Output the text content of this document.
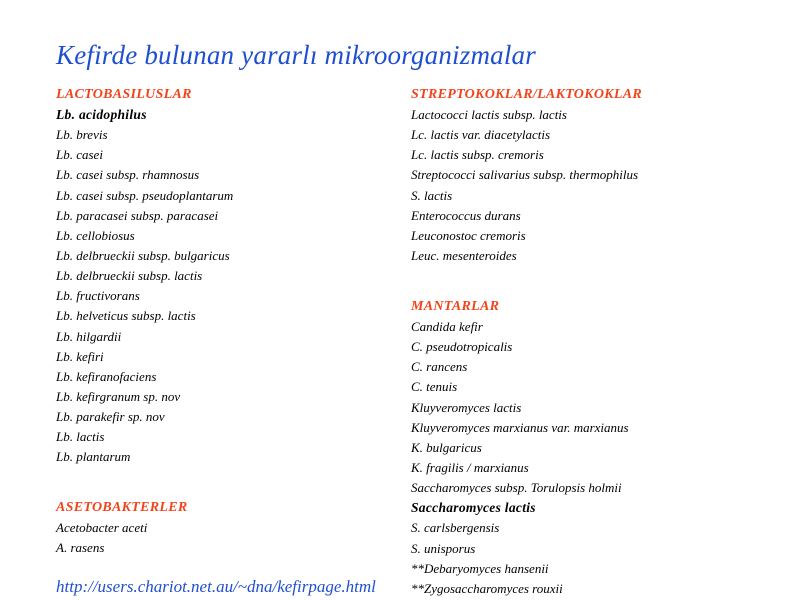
Kefirde bulunan yararlı mikroorganizmalar
LACTOBASILUSLAR
Lb. acidophilus
Lb. brevis
Lb. casei
Lb. casei subsp. rhamnosus
Lb. casei subsp. pseudoplantarum
Lb. paracasei subsp. paracasei
Lb. cellobiosus
Lb. delbrueckii subsp. bulgaricus
Lb. delbrueckii subsp. lactis
Lb. fructivorans
Lb. helveticus subsp. lactis
Lb. hilgardii
Lb. kefiri
Lb. kefiranofaciens
Lb. kefirgranum sp. nov
Lb. parakefir sp. nov
Lb. lactis
Lb. plantarum
ASETOBAKTERLER
Acetobacter aceti
A. rasens
STREPTOKOKLAR/LAKTOKOKLAR
Lactococci lactis subsp. lactis
Lc. lactis var. diacetylactis
Lc. lactis subsp. cremoris
Streptococci salivarius subsp. thermophilus
S. lactis
Enterococcus durans
Leuconostoc cremoris
Leuc. mesenteroides
MANTARLAR
Candida kefir
C. pseudotropicalis
C. rancens
C. tenuis
Kluyveromyces lactis
Kluyveromyces marxianus var. marxianus
K. bulgaricus
K. fragilis / marxianus
Saccharomyces subsp. Torulopsis holmii
Saccharomyces lactis
S. carlsbergensis
S. unisporus
**Debaryomyces hansenii
**Zygosaccharomyces rouxii
http://users.chariot.net.au/~dna/kefirpage.html
